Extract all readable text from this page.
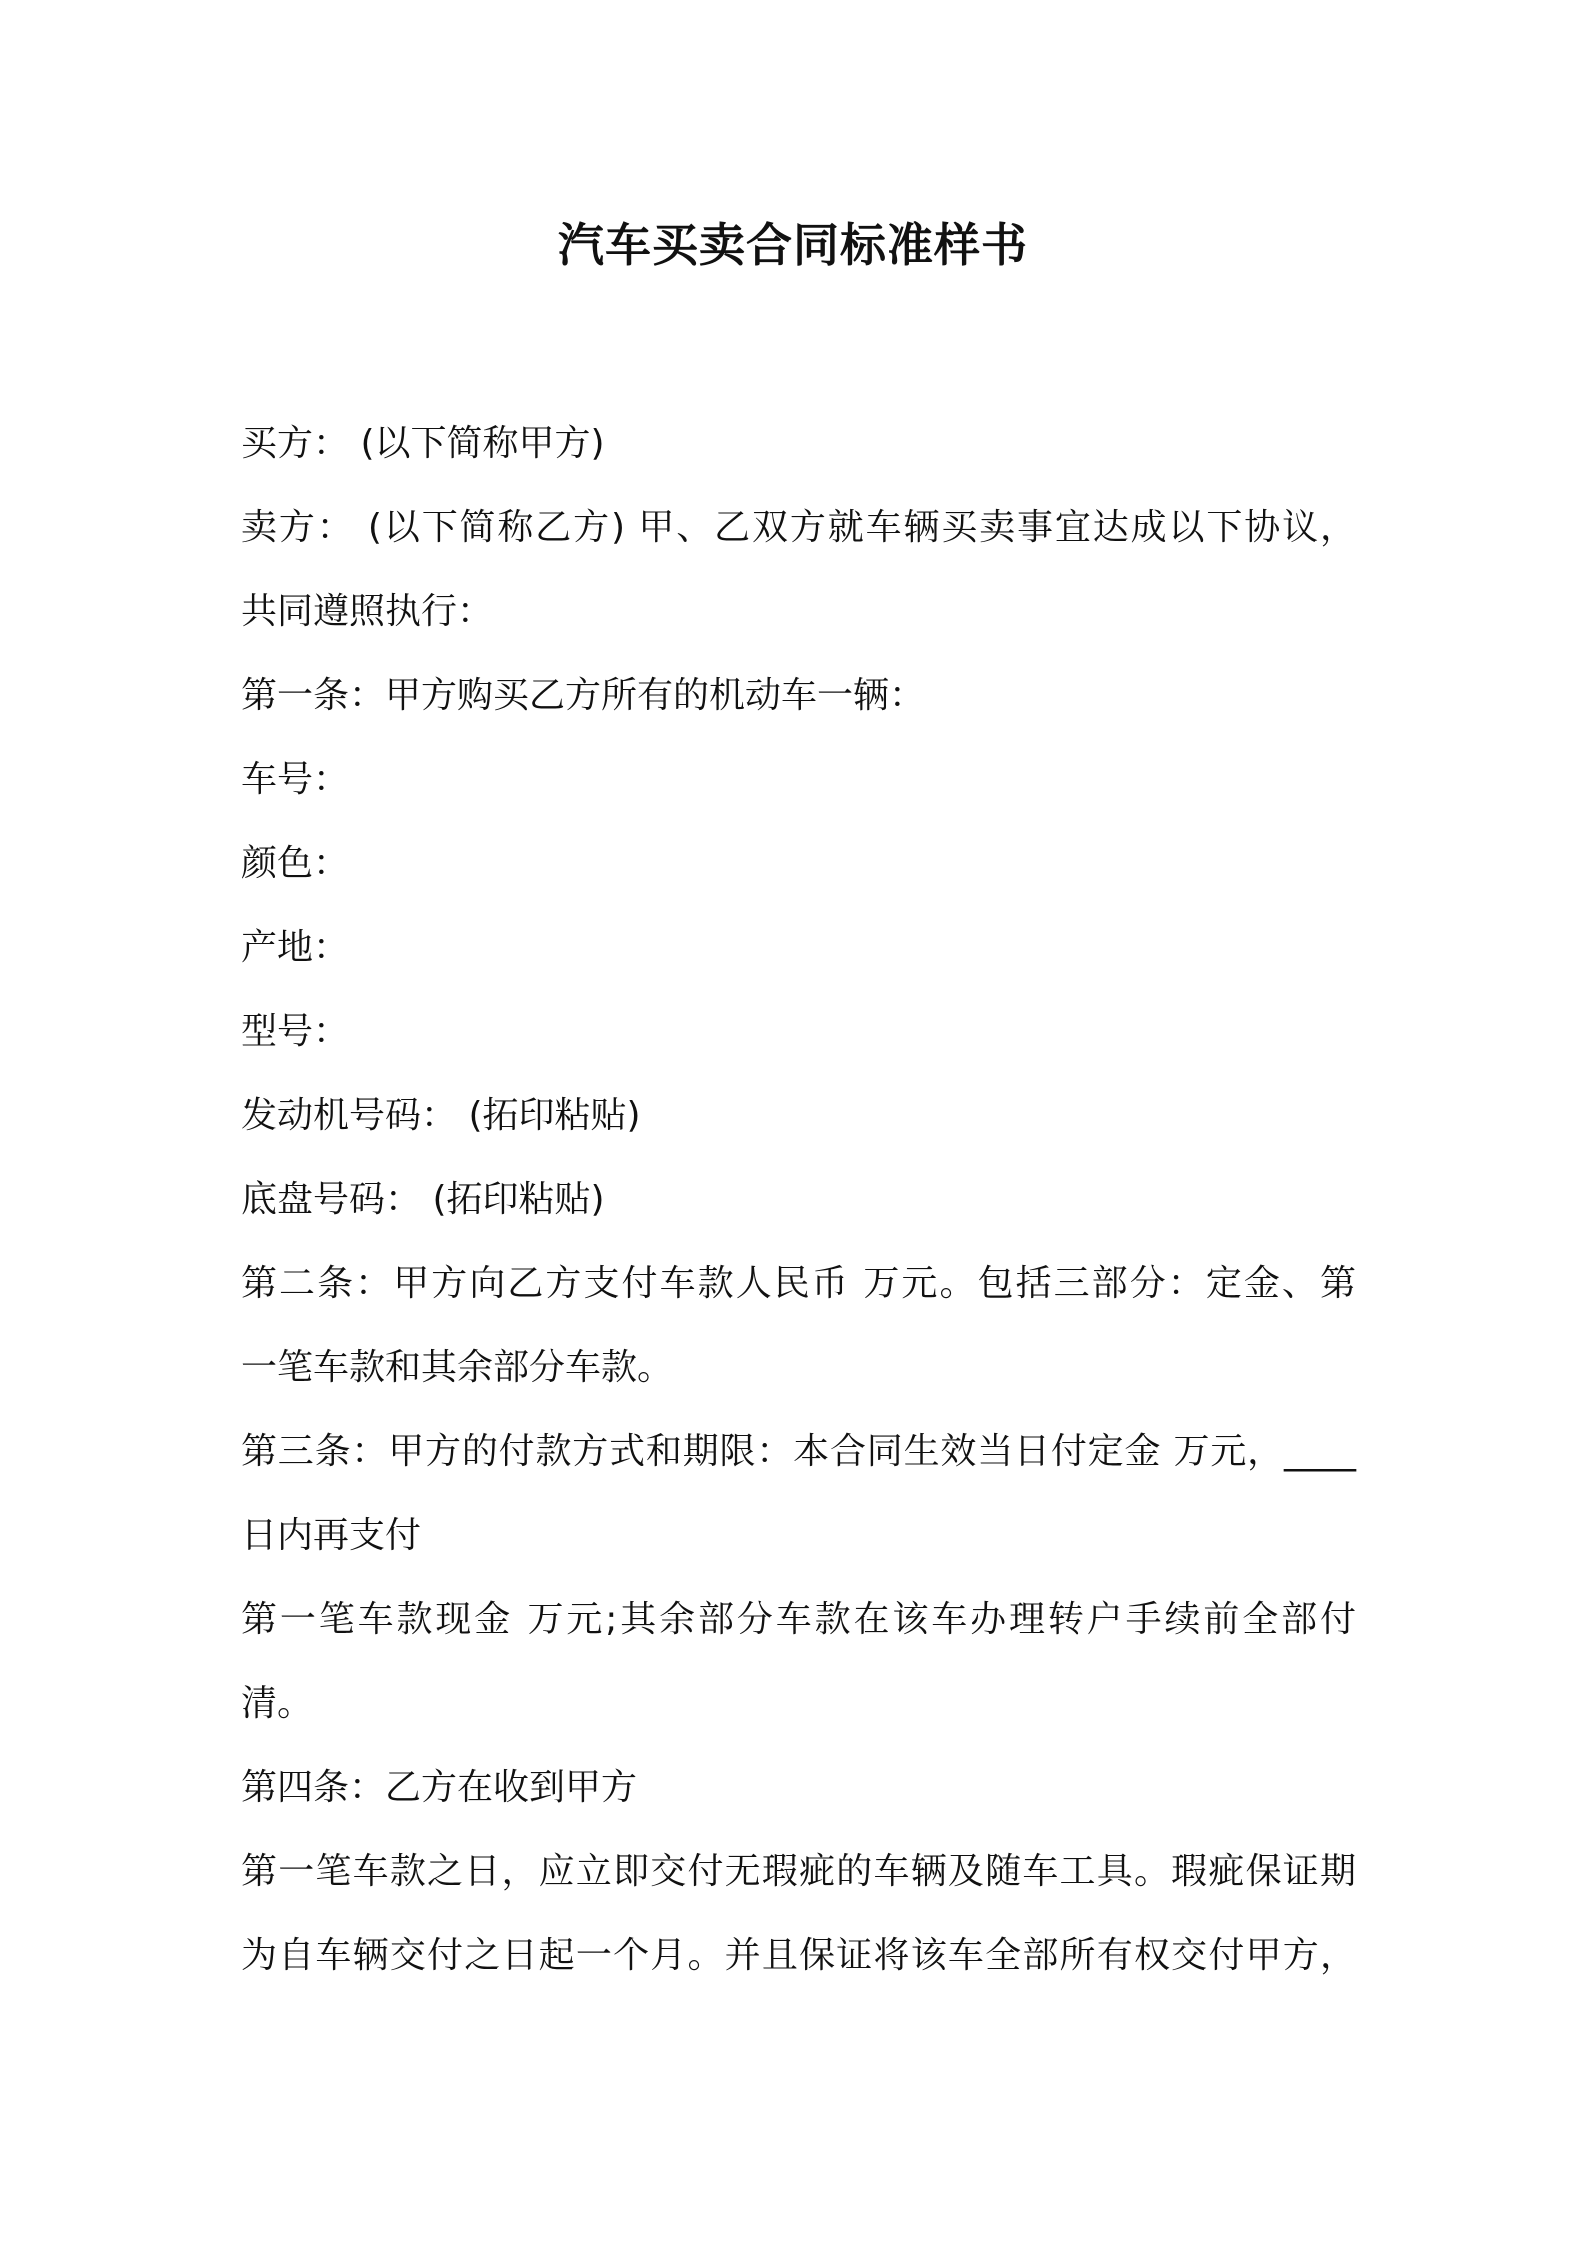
汽车买卖合同标准样书

买方： (以下简称甲方)

卖方： (以下简称乙方) 甲、乙双方就车辆买卖事宜达成以下协议，

共同遵照执行：

第一条：甲方购买乙方所有的机动车一辆：

车号：

颜色：

产地：

型号：

发动机号码： (拓印粘贴)

底盘号码： (拓印粘贴)

第二条：甲方向乙方支付车款人民币 万元。包括三部分：定金、第

一笔车款和其余部分车款。

第三条：甲方的付款方式和期限：本合同生效当日付定金 万元，____

日内再支付

第一笔车款现金 万元;其余部分车款在该车办理转户手续前全部付

清。

第四条：乙方在收到甲方

第一笔车款之日，应立即交付无瑕疵的车辆及随车工具。瑕疵保证期

为自车辆交付之日起一个月。并且保证将该车全部所有权交付甲方，
